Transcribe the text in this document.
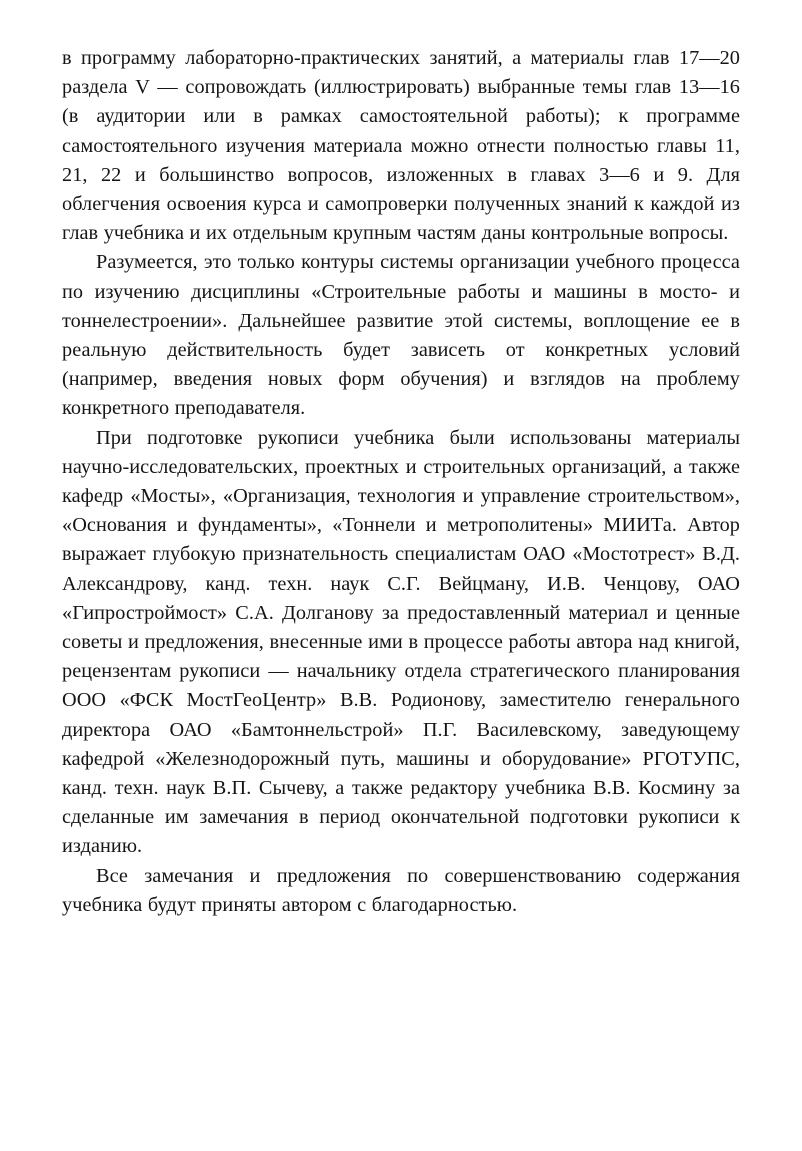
в программу лабораторно-практических занятий, а материалы глав 17—20 раздела V — сопровождать (иллюстрировать) выбранные темы глав 13—16 (в аудитории или в рамках самостоятельной работы); к программе самостоятельного изучения материала можно отнести полностью главы 11, 21, 22 и большинство вопросов, изложенных в главах 3—6 и 9. Для облегчения освоения курса и самопроверки полученных знаний к каждой из глав учебника и их отдельным крупным частям даны контрольные вопросы.

Разумеется, это только контуры системы организации учебного процесса по изучению дисциплины «Строительные работы и машины в мосто- и тоннелестроении». Дальнейшее развитие этой системы, воплощение ее в реальную действительность будет зависеть от конкретных условий (например, введения новых форм обучения) и взглядов на проблему конкретного преподавателя.

При подготовке рукописи учебника были использованы материалы научно-исследовательских, проектных и строительных организаций, а также кафедр «Мосты», «Организация, технология и управление строительством», «Основания и фундаменты», «Тоннели и метрополитены» МИИТа. Автор выражает глубокую признательность специалистам ОАО «Мостотрест» В.Д. Александрову, канд. техн. наук С.Г. Вейцману, И.В. Ченцову, ОАО «Гипростроймост» С.А. Долганову за предоставленный материал и ценные советы и предложения, внесенные ими в процессе работы автора над книгой, рецензентам рукописи — начальнику отдела стратегического планирования ООО «ФСК МостГеоЦентр» В.В. Родионову, заместителю генерального директора ОАО «Бамтоннельстрой» П.Г. Василевскому, заведующему кафедрой «Железнодорожный путь, машины и оборудование» РГОТУПС, канд. техн. наук В.П. Сычеву, а также редактору учебника В.В. Космину за сделанные им замечания в период окончательной подготовки рукописи к изданию.

Все замечания и предложения по совершенствованию содержания учебника будут приняты автором с благодарностью.
